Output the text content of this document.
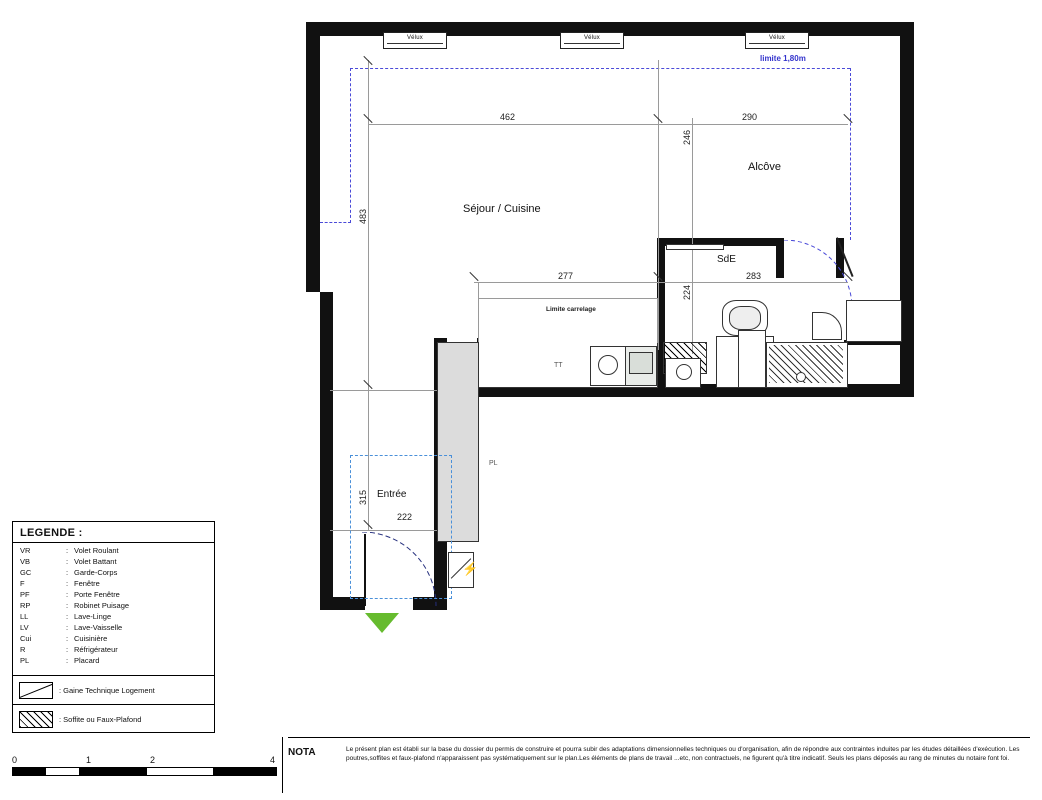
Vélux	Vélux	Vélux
limite 1,80m
462	290
246
483
277	283
224
315
222
Séjour / Cuisine
Alcôve
SdE
Entrée
PL
Limite carrelage
TT
⚡
LEGENDE :
VR	:	Volet Roulant
VB	:	Volet Battant
GC	:	Garde-Corps
F	:	Fenêtre
PF	:	Porte Fenêtre
RP	:	Robinet Puisage
LL	:	Lave-Linge
LV	:	Lave-Vaisselle
Cui	:	Cuisinière
R	:	Réfrigérateur
PL	:	Placard
: Gaine Technique Logement
: Soffite ou Faux-Plafond
0	1	2	4
NOTA	Le présent plan est établi sur la base du dossier du permis de construire et pourra subir des adaptations dimensionnelles techniques ou d'organisation, afin de répondre aux contraintes induites par les études détaillées d'exécution. Les poutres,soffites et faux-plafond n'apparaissent pas systématiquement sur le plan.Les éléments de plans de travail ...etc, non contractuels, ne figurent qu'à titre indicatif. Seuls les plans déposés au rang de minutes du notaire font foi.
